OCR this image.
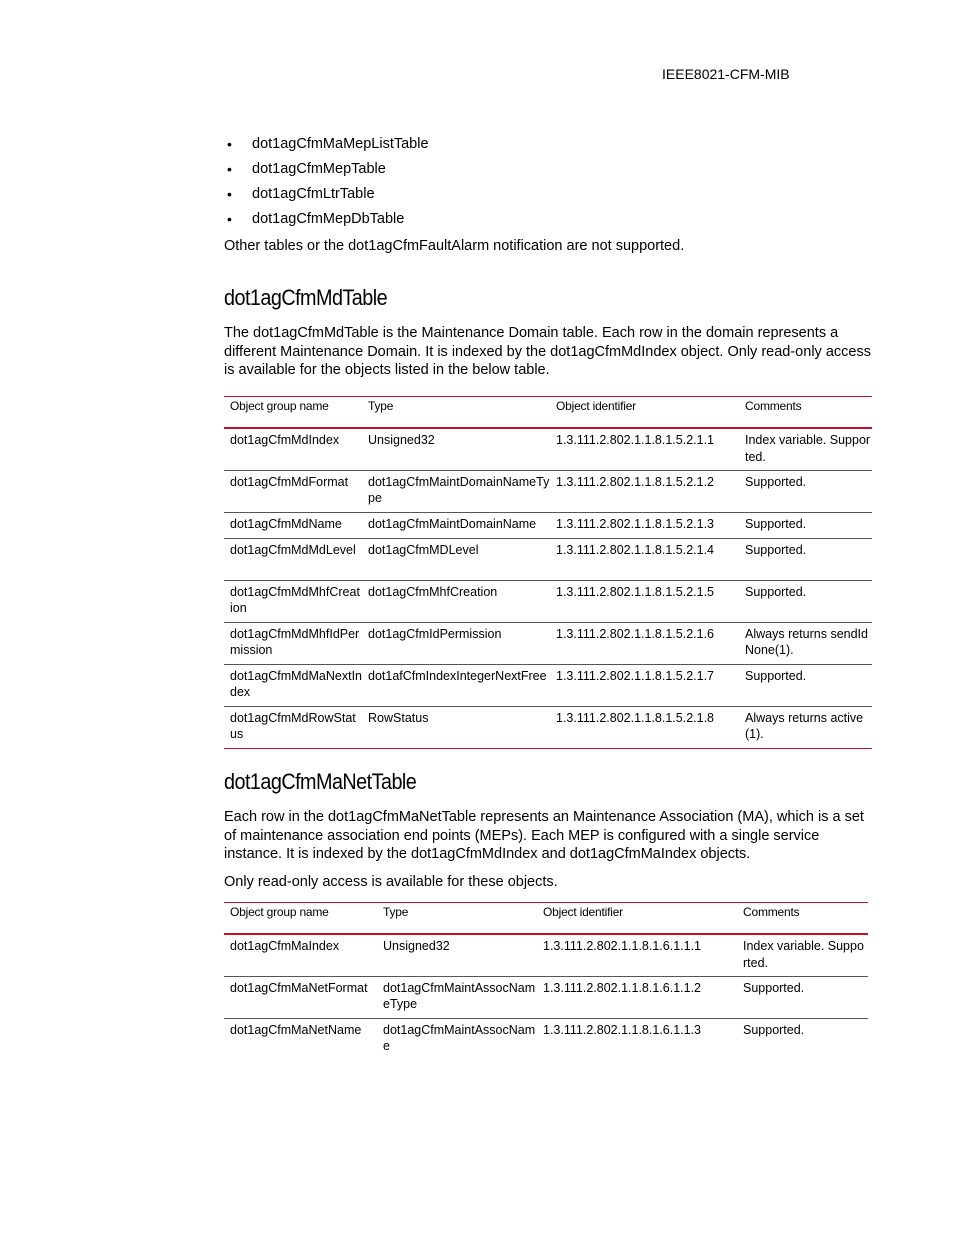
IEEE8021-CFM-MIB
• dot1agCfmMaMepListTable
• dot1agCfmMepTable
• dot1agCfmLtrTable
• dot1agCfmMepDbTable

Other tables or the dot1agCfmFaultAlarm notification are not supported.

dot1agCfmMdTable

The dot1agCfmMdTable is the Maintenance Domain table. Each row in the domain represents a different Maintenance Domain. It is indexed by the dot1agCfmMdIndex object. Only read-only access is available for the objects listed in the below table.

Object group name	Type	Object identifier	Comments
dot1agCfmMdIndex	Unsigned32	1.3.111.2.802.1.1.8.1.5.2.1.1	Index variable. Supported.
dot1agCfmMdFormat	dot1agCfmMaintDomainNameType	1.3.111.2.802.1.1.8.1.5.2.1.2	Supported.
dot1agCfmMdName	dot1agCfmMaintDomainName	1.3.111.2.802.1.1.8.1.5.2.1.3	Supported.
dot1agCfmMdMdLevel	dot1agCfmMDLevel	1.3.111.2.802.1.1.8.1.5.2.1.4	Supported.
dot1agCfmMdMhfCreation	dot1agCfmMhfCreation	1.3.111.2.802.1.1.8.1.5.2.1.5	Supported.
dot1agCfmMdMhfIdPermission	dot1agCfmIdPermission	1.3.111.2.802.1.1.8.1.5.2.1.6	Always returns sendIdNone(1).
dot1agCfmMdMaNextIndex	dot1afCfmIndexIntegerNextFree	1.3.111.2.802.1.1.8.1.5.2.1.7	Supported.
dot1agCfmMdRowStatus	RowStatus	1.3.111.2.802.1.1.8.1.5.2.1.8	Always returns active(1).
dot1agCfmMaNetTable

Each row in the dot1agCfmMaNetTable represents an Maintenance Association (MA), which is a set of maintenance association end points (MEPs). Each MEP is configured with a single service instance. It is indexed by the dot1agCfmMdIndex and dot1agCfmMaIndex objects.

Only read-only access is available for these objects.

Object group name	Type	Object identifier	Comments
dot1agCfmMaIndex	Unsigned32	1.3.111.2.802.1.1.8.1.6.1.1.1	Index variable. Supported.
dot1agCfmMaNetFormat	dot1agCfmMaintAssocNameType	1.3.111.2.802.1.1.8.1.6.1.1.2	Supported.
dot1agCfmMaNetName	dot1agCfmMaintAssocName	1.3.111.2.802.1.1.8.1.6.1.1.3	Supported.
